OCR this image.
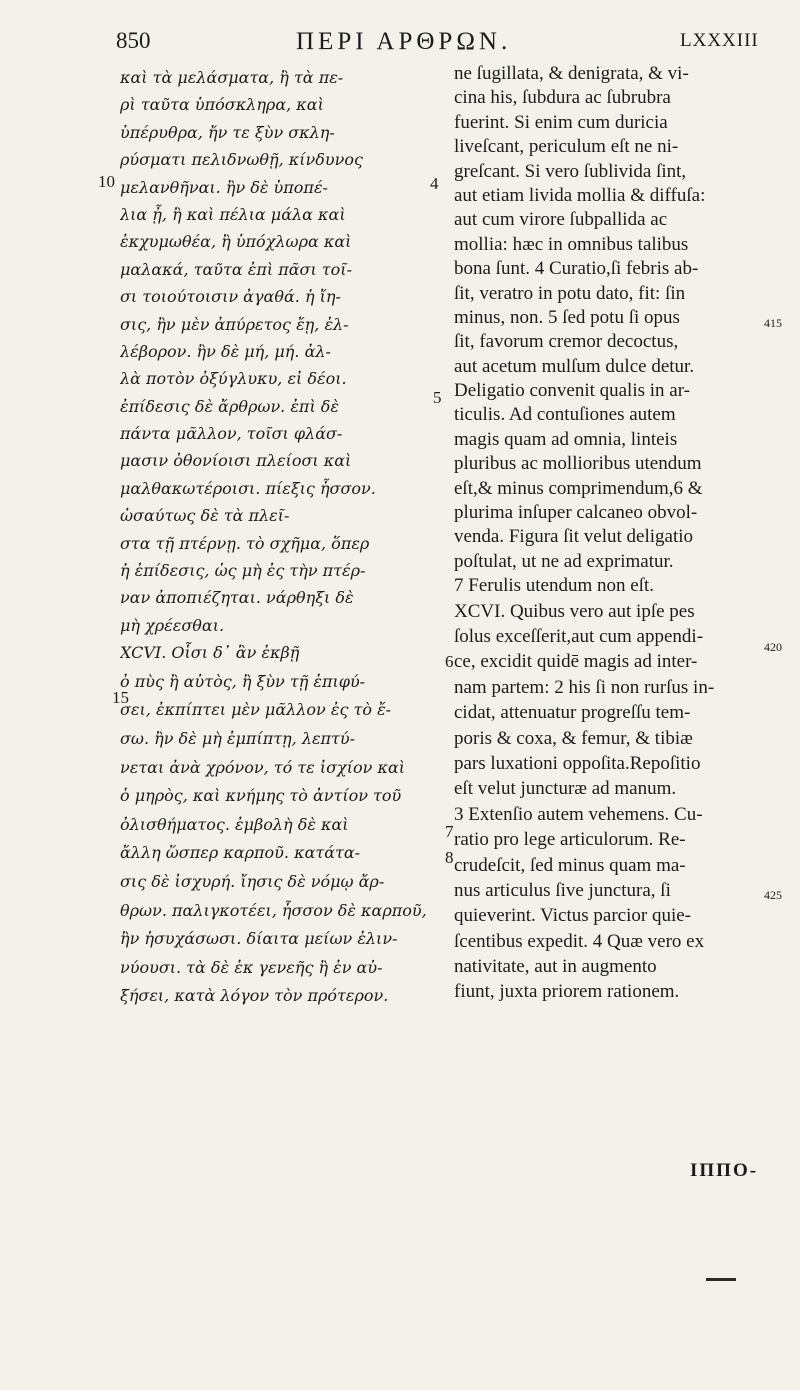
850	ΠΕΡΙ ΑΡΘΡΩΝ.	LXXXIII
καὶ τὰ μελάσματα, ἢ τὰ πε-
ρὶ ταῦτα ὑπόσκληρα, καὶ
ὑπέρυθρα, ἤν τε ξὺν σκλη-
ρύσματι πελιδνωθῇ, κίνδυνος
μελανθῆναι. ἢν δὲ ὑποπέ-
λια ᾖ, ἢ καὶ πέλια μάλα καὶ
ἐκχυμωθέα, ἢ ὑπόχλωρα καὶ
μαλακά, ταῦτα ἐπὶ πᾶσι τοῖ-
σι τοιούτοισιν ἀγαθά. ἡ ἴη-
σις, ἢν μὲν ἀπύρετος ἔῃ, ἐλ-
λέβορον. ἢν δὲ μή, μή. ἀλ-
λὰ ποτὸν ὀξύγλυκυ, εἰ δέοι.
ἐπίδεσις δὲ ἄρθρων. ἐπὶ δὲ
πάντα μᾶλλον, τοῖσι φλάσ-
μασιν ὀθονίοισι πλείοσι καὶ
μαλθακωτέροισι. πίεξις ἧσσον.
ὡσαύτως δὲ τὰ πλεῖ-
στα τῇ πτέρνῃ. τὸ σχῆμα, ὅπερ
ἡ ἐπίδεσις, ὡς μὴ ἐς τὴν πτέρ-
ναν ἀποπιέζηται. νάρθηξι δὲ
μὴ χρέεσθαι.
XCVI. Οἷσι δ᾽ ἂν ἐκβῇ
ὁ πὺς ἢ αὐτὸς, ἢ ξὺν τῇ ἐπιφύ-
σει, ἐκπίπτει μὲν μᾶλλον ἐς τὸ ἔ-
σω. ἢν δὲ μὴ ἐμπίπτῃ, λεπτύ-
νεται ἀνὰ χρόνον, τό τε ἰσχίον καὶ
ὁ μηρὸς, καὶ κνήμης τὸ ἀντίον τοῦ
ὀλισθήματος. ἐμβολὴ δὲ καὶ
ἄλλη ὥσπερ καρποῦ. κατάτα-
σις δὲ ἰσχυρή. ἴησις δὲ νόμῳ ἄρ-
θρων. παλιγκοτέει, ἧσσον δὲ καρποῦ,
ἢν ἡσυχάσωσι. δίαιτα μείων ἐλιν-
νύουσι. τὰ δὲ ἐκ γενεῆς ἢ ἐν αὐ-
ξήσει, κατὰ λόγον τὸν πρότερον.
ne ſugillata, & denigrata, & vi-
cina his, ſubdura ac ſubrubra
fuerint. Si enim cum duricia
liveſcant, periculum eſt ne ni-
greſcant. Si vero ſublivida ſint,
aut etiam livida mollia & diffuſa:
aut cum virore ſubpallida ac
mollia: hæc in omnibus talibus
bona ſunt. 4 Curatio,ſi febris ab-
ſit, veratro in potu dato, fit: ſin
minus, non. 5 ſed potu ſi opus
ſit, favorum cremor decoctus,
aut acetum mulſum dulce detur.
Deligatio convenit qualis in ar-
ticulis. Ad contuſiones autem
magis quam ad omnia, linteis
pluribus ac mollioribus utendum
eſt,& minus comprimendum,6 &
plurima inſuper calcaneo obvol-
venda. Figura ſit velut deligatio
poſtulat, ut ne ad exprimatur.
7 Ferulis utendum non eſt.
XCVI. Quibus vero aut ipſe pes
ſolus exceſſerit,aut cum appendi-
ce, excidit quidē magis ad inter-
nam partem: 2 his ſi non rurſus in-
cidat, attenuatur progreſſu tem-
poris & coxa, & femur, & tibiæ
pars luxationi oppoſita.Repoſitio
eſt velut juncturæ ad manum.
3 Extenſio autem vehemens. Cu-
ratio pro lege articulorum. Re-
crudeſcit, ſed minus quam ma-
nus articulus ſive junctura, ſi
quieverint. Victus parcior quie-
ſcentibus expedit. 4 Quæ vero ex
nativitate, aut in augmento
fiunt, juxta priorem rationem.
10
15
4
5
6
7
8
415
420
425
ΙΠΠΟ-
